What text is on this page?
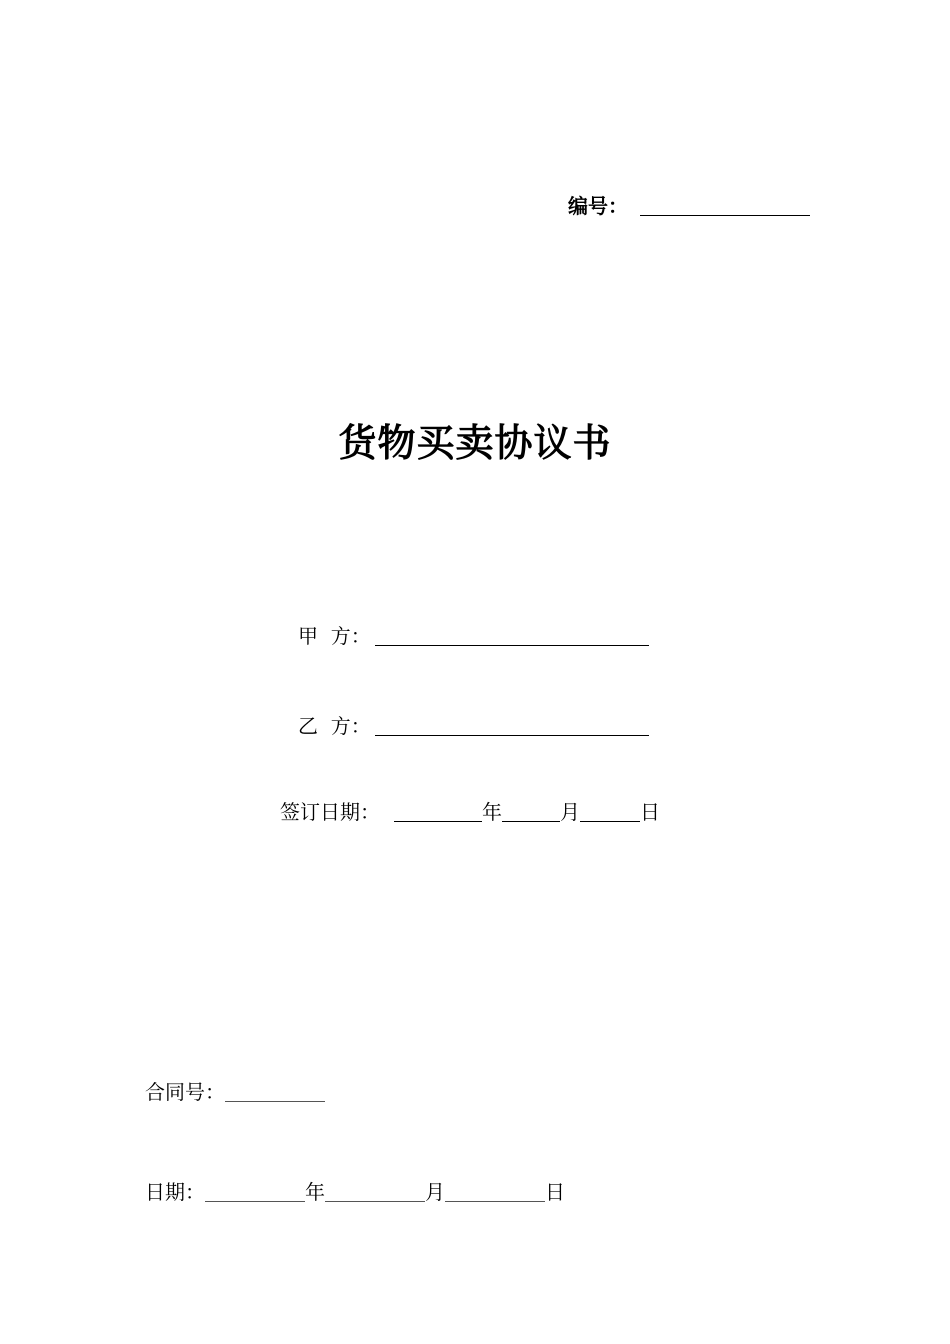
编号：
货物买卖协议书
甲  方：
乙  方：
签订日期：	年	月	日
合同号：
日期：	年	月	日
